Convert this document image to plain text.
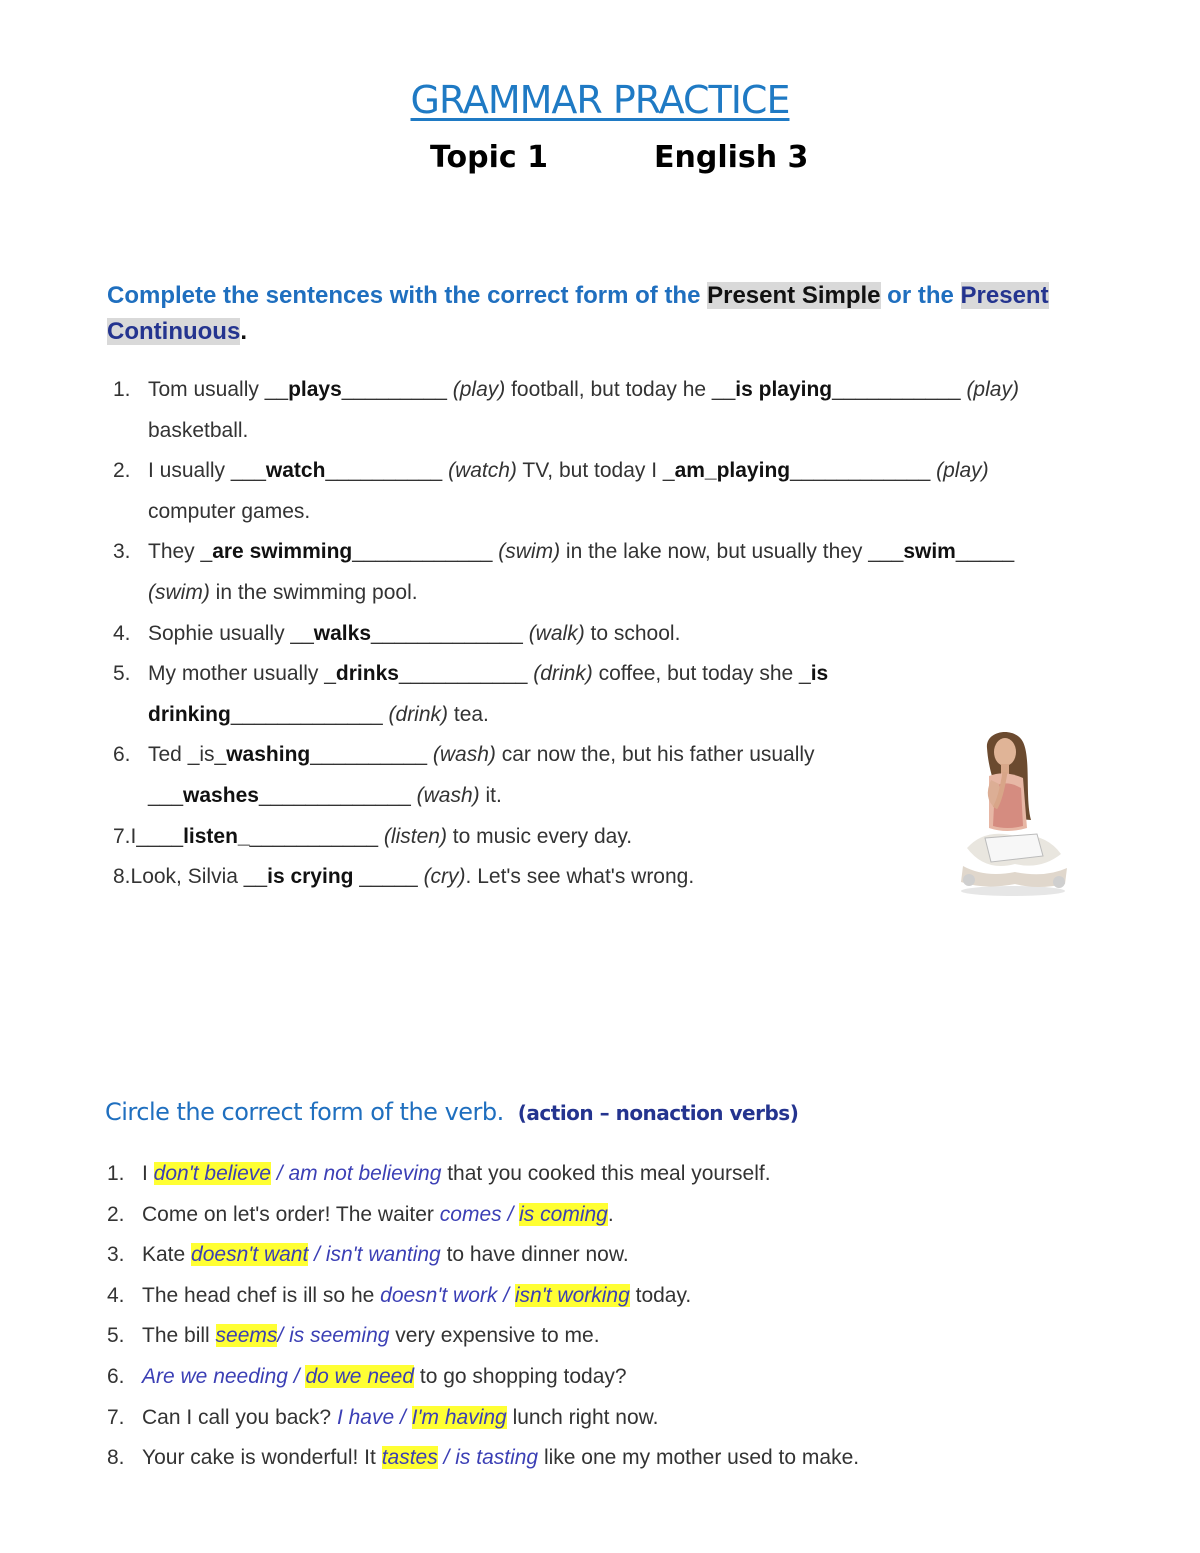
GRAMMAR PRACTICE
Topic 1	English 3
Complete the sentences with the correct form of the Present Simple or the Present Continuous.
1. Tom usually __plays_________ (play) football, but today he __is playing___________ (play)
basketball.
2. I usually ___watch__________ (watch) TV, but today I _am_playing____________ (play)
computer games.
3. They _are swimming____________ (swim) in the lake now, but usually they ___swim_____
(swim) in the swimming pool.
4. Sophie usually __walks_____________ (walk) to school.
5. My mother usually _drinks___________ (drink) coffee, but today she _is
drinking_____________ (drink) tea.
6. Ted _is_washing__________ (wash) car now the, but his father usually
___washes_____________ (wash) it.
7.I____listen____________ (listen) to music every day.
8.Look, Silvia __is crying _____ (cry). Let's see what's wrong.
Circle the correct form of the verb. (action – nonaction verbs)
1. I don't believe / am not believing that you cooked this meal yourself.
2. Come on let's order! The waiter comes / is coming.
3. Kate doesn't want / isn't wanting to have dinner now.
4. The head chef is ill so he doesn't work / isn't working today.
5. The bill seems/ is seeming very expensive to me.
6. Are we needing / do we need to go shopping today?
7. Can I call you back? I have / I'm having lunch right now.
8. Your cake is wonderful! It tastes / is tasting like one my mother used to make.
